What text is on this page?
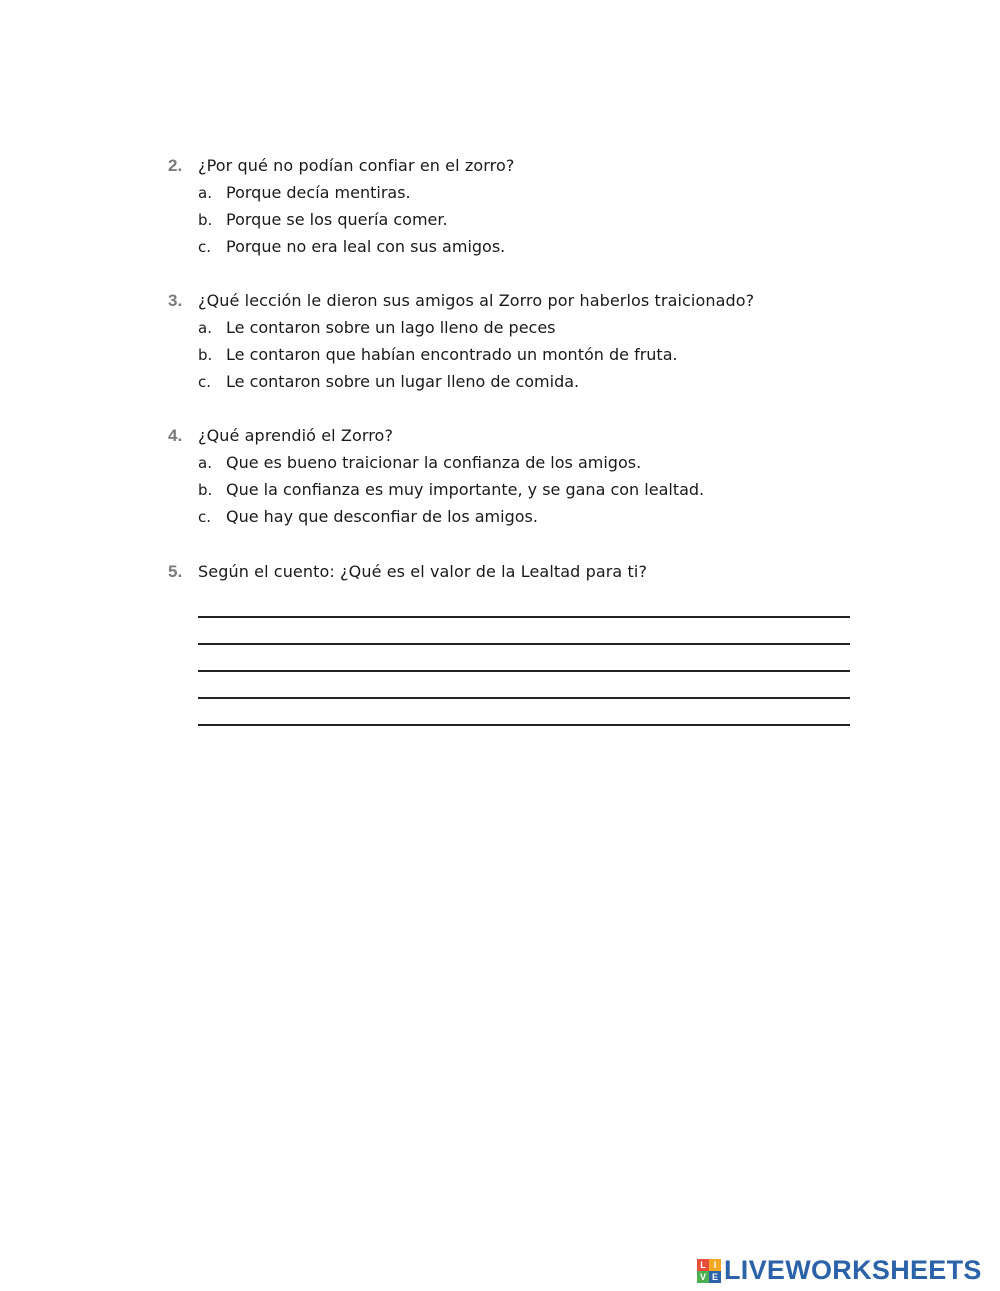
2. ¿Por qué no podían confiar en el zorro?
a. Porque decía mentiras.
b. Porque se los quería comer.
c. Porque no era leal con sus amigos.
3. ¿Qué lección le dieron sus amigos al Zorro por haberlos traicionado?
a. Le contaron sobre un lago lleno de peces
b. Le contaron que habían encontrado un montón de fruta.
c. Le contaron sobre un lugar lleno de comida.
4. ¿Qué aprendió el Zorro?
a. Que es bueno traicionar la confianza de los amigos.
b. Que la confianza es muy importante, y se gana con lealtad.
c. Que hay que desconfiar de los amigos.
5. Según el cuento: ¿Qué es el valor de la Lealtad para ti?
L I
V E LIVEWORKSHEETS
